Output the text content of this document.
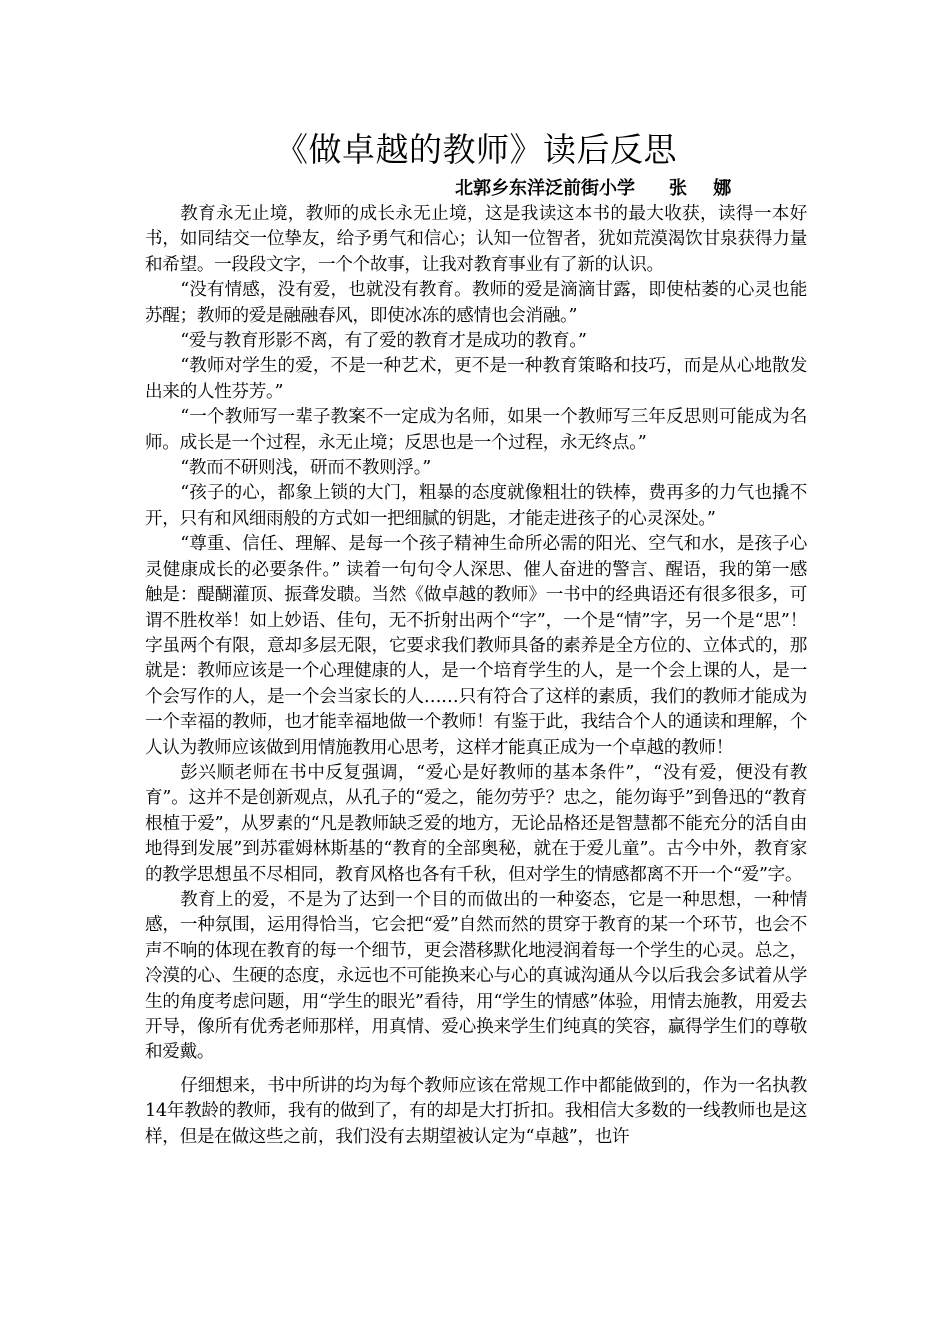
《做卓越的教师》读后反思
北郭乡东洋泛前街小学 张 娜

教育永无止境，教师的成长永无止境，这是我读这本书的最大收获，读得一本好书，如同结交一位挚友，给予勇气和信心；认知一位智者，犹如荒漠渴饮甘泉获得力量和希望。一段段文字，一个个故事，让我对教育事业有了新的认识。

“没有情感，没有爱，也就没有教育。教师的爱是滴滴甘露，即使枯萎的心灵也能苏醒；教师的爱是融融春风，即使冰冻的感情也会消融。”

“爱与教育形影不离，有了爱的教育才是成功的教育。”

“教师对学生的爱，不是一种艺术，更不是一种教育策略和技巧，而是从心地散发出来的人性芬芳。”

“一个教师写一辈子教案不一定成为名师，如果一个教师写三年反思则可能成为名师。成长是一个过程，永无止境；反思也是一个过程，永无终点。”

“教而不研则浅，研而不教则浮。”

“孩子的心，都象上锁的大门，粗暴的态度就像粗壮的铁棒，费再多的力气也撬不开，只有和风细雨般的方式如一把细腻的钥匙，才能走进孩子的心灵深处。”

“尊重、信任、理解、是每一个孩子精神生命所必需的阳光、空气和水，是孩子心灵健康成长的必要条件。” 读着一句句令人深思、催人奋进的警言、醒语，我的第一感触是：醍醐灌顶、振聋发聩。当然《做卓越的教师》一书中的经典语还有很多很多，可谓不胜枚举！如上妙语、佳句，无不折射出两个“字”，一个是“情”字，另一个是“思”！字虽两个有限，意却多层无限，它要求我们教师具备的素养是全方位的、立体式的，那就是：教师应该是一个心理健康的人，是一个培育学生的人，是一个会上课的人，是一个会写作的人，是一个会当家长的人……只有符合了这样的素质，我们的教师才能成为一个幸福的教师，也才能幸福地做一个教师！有鉴于此，我结合个人的通读和理解，个人认为教师应该做到用情施教用心思考，这样才能真正成为一个卓越的教师！

彭兴顺老师在书中反复强调，“爱心是好教师的基本条件”，“没有爱，便没有教育”。这并不是创新观点，从孔子的“爱之，能勿劳乎？忠之，能勿诲乎”到鲁迅的“教育根植于爱”，从罗素的“凡是教师缺乏爱的地方，无论品格还是智慧都不能充分的活自由地得到发展”到苏霍姆林斯基的“教育的全部奥秘，就在于爱儿童”。古今中外，教育家的教学思想虽不尽相同，教育风格也各有千秋，但对学生的情感都离不开一个“爱”字。

教育上的爱，不是为了达到一个目的而做出的一种姿态，它是一种思想，一种情感，一种氛围，运用得恰当，它会把“爱”自然而然的贯穿于教育的某一个环节，也会不声不响的体现在教育的每一个细节，更会潜移默化地浸润着每一个学生的心灵。总之，冷漠的心、生硬的态度，永远也不可能换来心与心的真诚沟通从今以后我会多试着从学生的角度考虑问题，用“学生的眼光”看待，用“学生的情感”体验，用情去施教，用爱去开导，像所有优秀老师那样，用真情、爱心换来学生们纯真的笑容，赢得学生们的尊敬和爱戴。

仔细想来，书中所讲的均为每个教师应该在常规工作中都能做到的，作为一名执教14年教龄的教师，我有的做到了，有的却是大打折扣。我相信大多数的一线教师也是这样，但是在做这些之前，我们没有去期望被认定为“卓越”，也许
